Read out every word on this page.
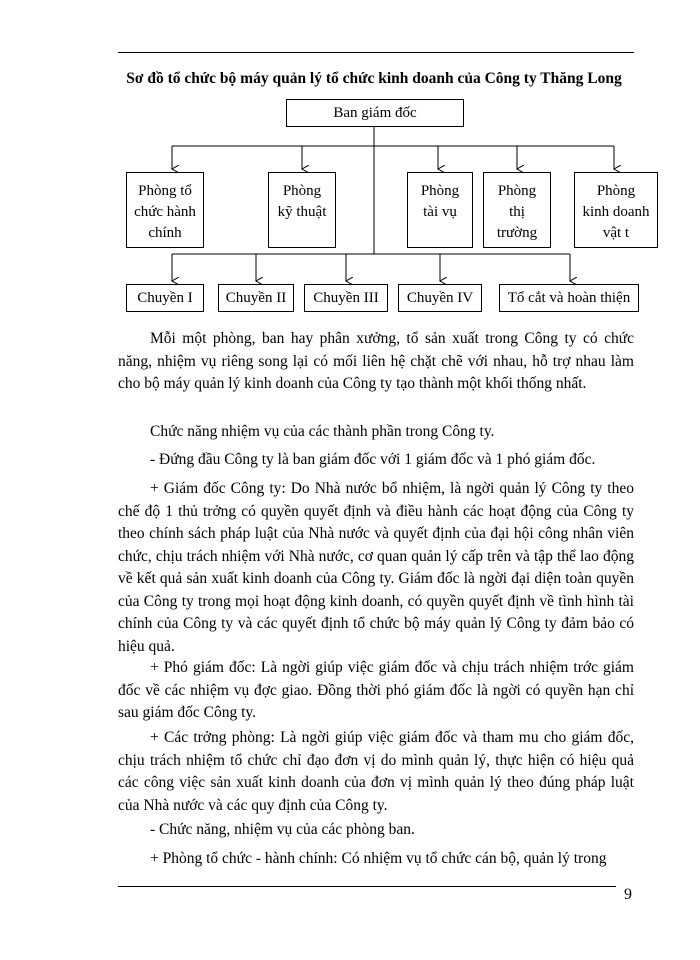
Sơ đồ tổ chức bộ máy quản lý tổ chức kinh doanh của Công ty Thăng Long
Ban giám đốc
Phòng tổ
chức hành
chính
Phòng
kỹ thuật
Phòng
tài vụ
Phòng
thị
trường
Phòng
kinh doanh
vật t
Chuyền I Chuyền II Chuyền III Chuyền IV Tổ cắt và hoàn thiện

Mỗi một phòng, ban hay phân xưởng, tổ sản xuất trong Công ty có chức năng, nhiệm vụ riêng song lại có mối liên hệ chặt chẽ với nhau, hỗ trợ nhau làm cho bộ máy quản lý kinh doanh của Công ty tạo thành một khối thống nhất.

Chức năng nhiệm vụ của các thành phần trong Công ty.

- Đứng đầu Công ty là ban giám đốc với 1 giám đốc và 1 phó giám đốc.

+ Giám đốc Công ty: Do Nhà nước bổ nhiệm, là ngời quản lý Công ty theo chế độ 1 thủ trởng có quyền quyết định và điều hành các hoạt động của Công ty theo chính sách pháp luật của Nhà nước và quyết định của đại hội công nhân viên chức, chịu trách nhiệm với Nhà nước, cơ quan quản lý cấp trên và tập thể lao động về kết quả sản xuất kinh doanh của Công ty. Giám đốc là ngời đại diện toàn quyền của Công ty trong mọi hoạt động kinh doanh, có quyền quyết định về tình hình tài chính của Công ty và các quyết định tổ chức bộ máy quản lý Công ty đảm bảo có hiệu quả.

+ Phó giám đốc: Là ngời giúp việc giám đốc và chịu trách nhiệm trớc giám đốc về các nhiệm vụ đợc giao. Đồng thời phó giám đốc là ngời có quyền hạn chỉ sau giám đốc Công ty.

+ Các trởng phòng: Là ngời giúp việc giám đốc và tham mu cho giám đốc, chịu trách nhiệm tổ chức chỉ đạo đơn vị do mình quản lý, thực hiện có hiệu quả các công việc sản xuất kinh doanh của đơn vị mình quản lý theo đúng pháp luật của Nhà nước và các quy định của Công ty.

- Chức năng, nhiệm vụ của các phòng ban.

+ Phòng tổ chức - hành chính: Có nhiệm vụ tổ chức cán bộ, quản lý trong

9
